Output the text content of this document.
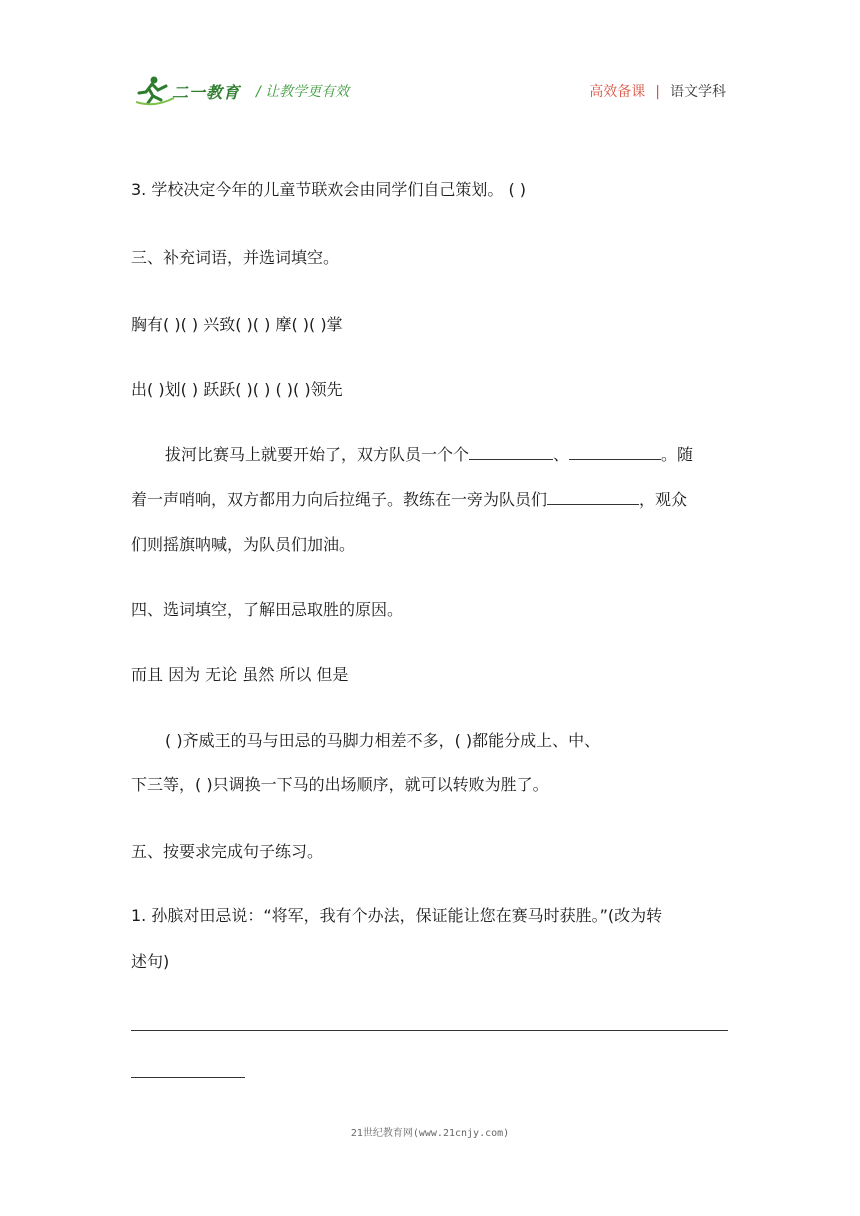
二一教育 / 让教学更有效	高效备课 | 语文学科
3. 学校决定今年的儿童节联欢会由同学们自己策划。 ( )
三、补充词语，并选词填空。
胸有( )( ) 兴致( )( ) 摩( )( )掌
出( )划( ) 跃跃( )( ) ( )( )领先
拔河比赛马上就要开始了，双方队员一个个	、	。随
着一声哨响，双方都用力向后拉绳子。教练在一旁为队员们	，观众
们则摇旗呐喊，为队员们加油。
四、选词填空，了解田忌取胜的原因。
而且 因为 无论 虽然 所以 但是
( )齐威王的马与田忌的马脚力相差不多，( )都能分成上、中、
下三等，( )只调换一下马的出场顺序，就可以转败为胜了。
五、按要求完成句子练习。
1. 孙膑对田忌说：“将军，我有个办法，保证能让您在赛马时获胜。”(改为转
述句)
21世纪教育网(www.21cnjy.com)
